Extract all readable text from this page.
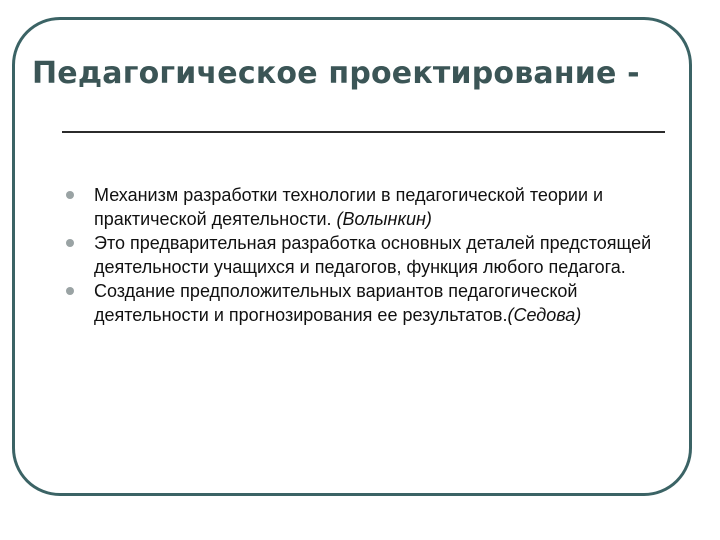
Педагогическое проектирование -
Механизм разработки технологии в педагогической теории и практической деятельности. (Волынкин)
Это предварительная разработка основных деталей предстоящей деятельности учащихся и педагогов, функция любого педагога.
Создание предположительных вариантов педагогической деятельности и прогнозирования ее результатов.(Седова)
